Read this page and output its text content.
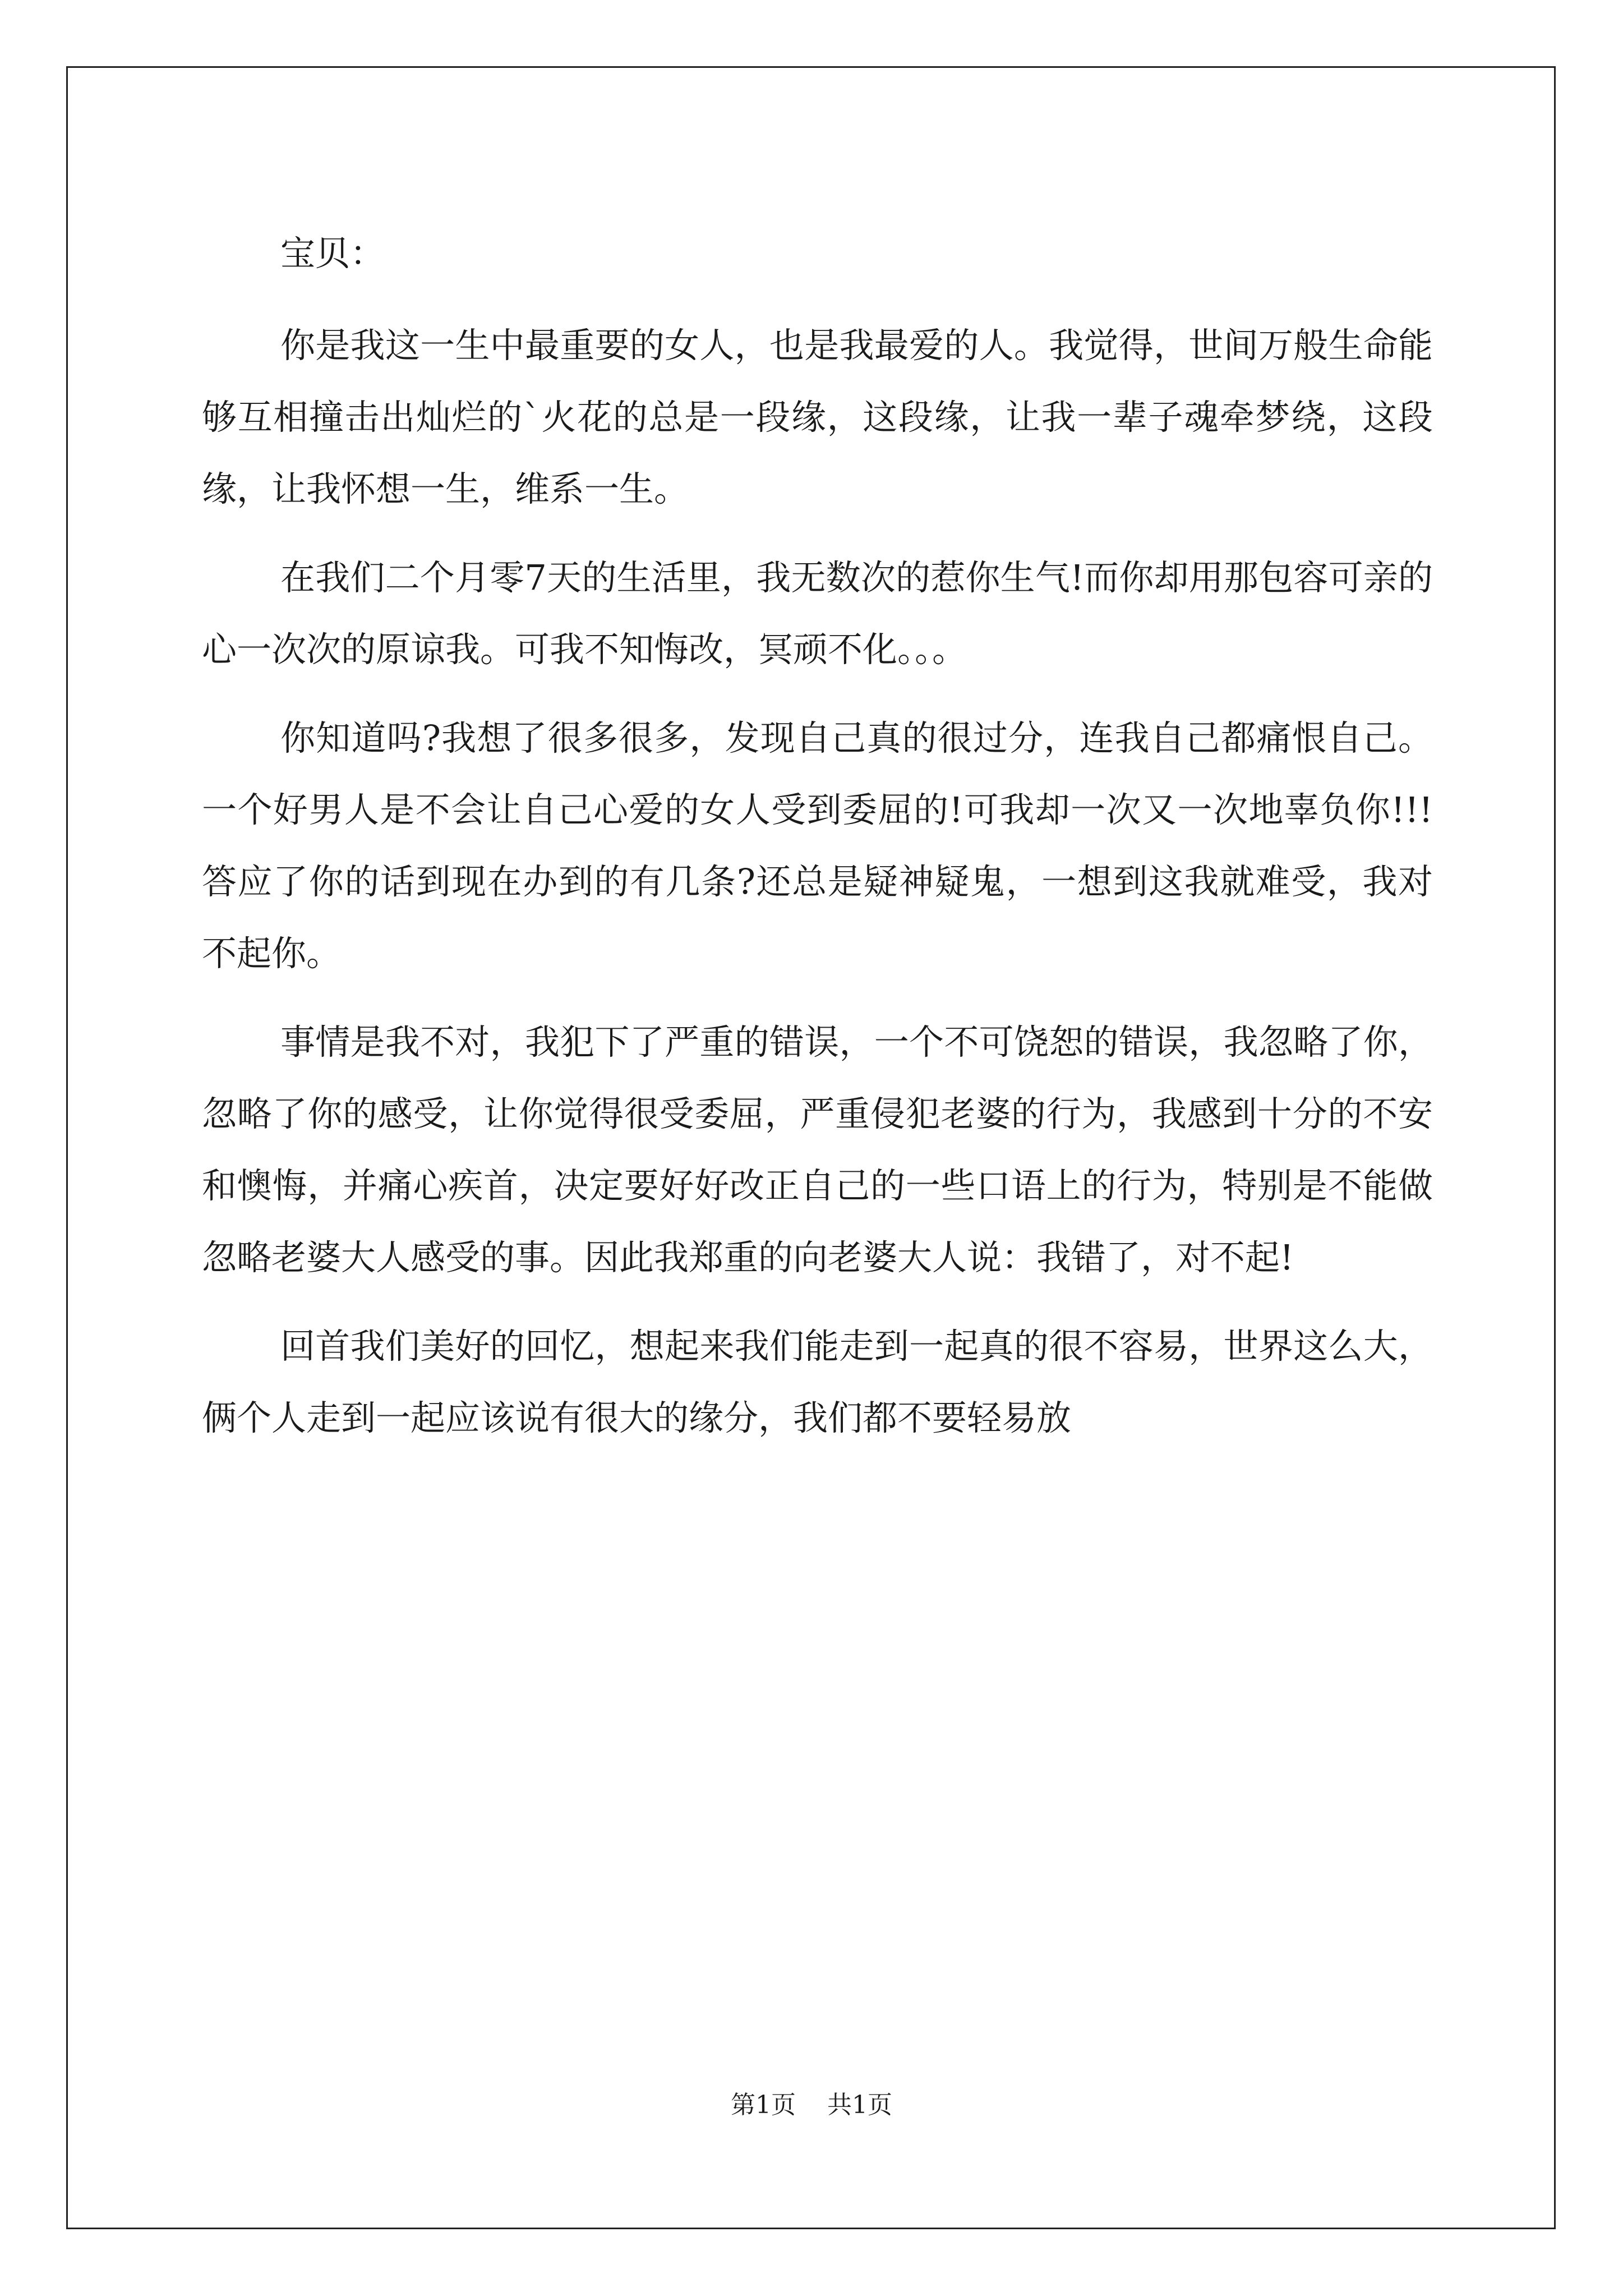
宝贝：

你是我这一生中最重要的女人，也是我最爱的人。我觉得，世间万般生命能够互相撞击出灿烂的`火花的总是一段缘，这段缘，让我一辈子魂牵梦绕，这段缘，让我怀想一生，维系一生。

在我们二个月零7天的生活里，我无数次的惹你生气!而你却用那包容可亲的心一次次的原谅我。可我不知悔改，冥顽不化。。。

你知道吗?我想了很多很多，发现自己真的很过分，连我自己都痛恨自己。一个好男人是不会让自己心爱的女人受到委屈的!可我却一次又一次地辜负你!!!答应了你的话到现在办到的有几条?还总是疑神疑鬼，一想到这我就难受，我对不起你。

事情是我不对，我犯下了严重的错误，一个不可饶恕的错误，我忽略了你，忽略了你的感受，让你觉得很受委屈，严重侵犯老婆的行为，我感到十分的不安和懊悔，并痛心疾首，决定要好好改正自己的一些口语上的行为，特别是不能做忽略老婆大人感受的事。因此我郑重的向老婆大人说：我错了，对不起!

回首我们美好的回忆，想起来我们能走到一起真的很不容易，世界这么大，俩个人走到一起应该说有很大的缘分，我们都不要轻易放

第1页 共1页
